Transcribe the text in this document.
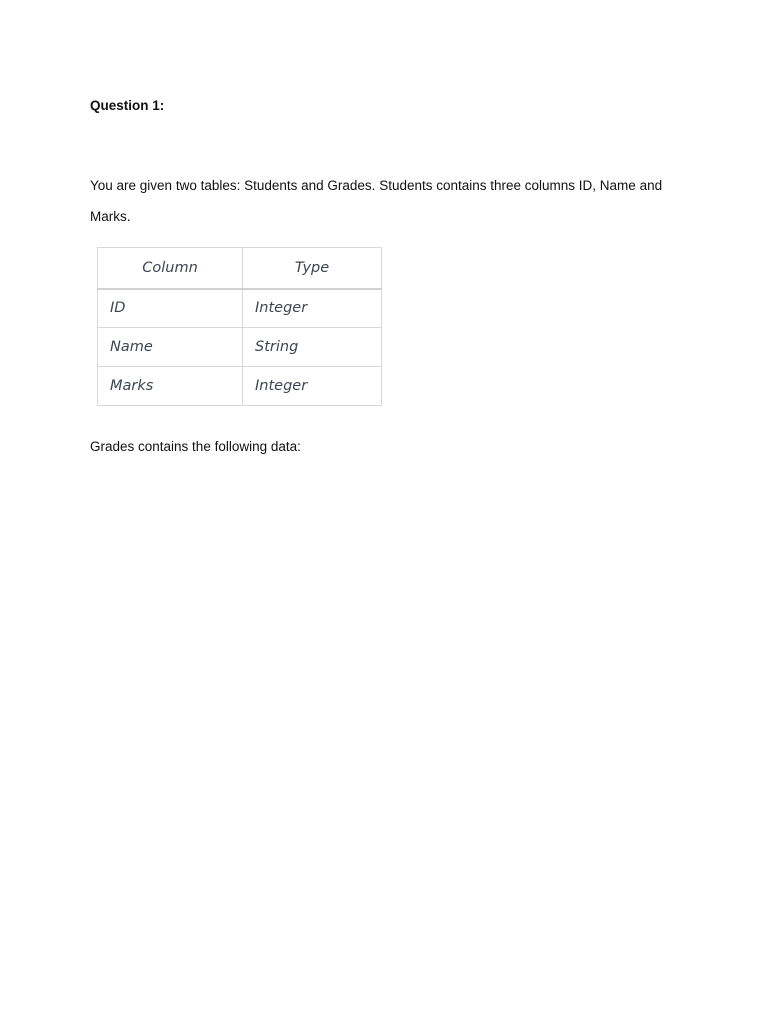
Question 1:

You are given two tables: Students and Grades. Students contains three columns ID, Name and Marks.

Column	Type
ID	Integer
Name	String
Marks	Integer

Grades contains the following data:
